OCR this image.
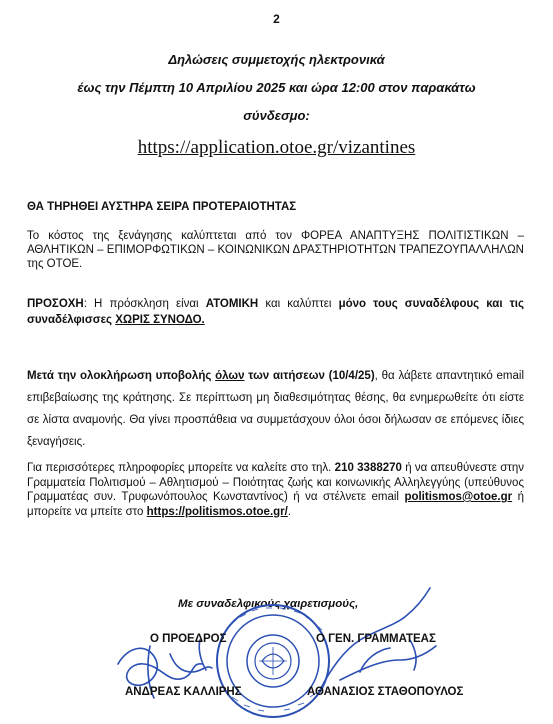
2
Δηλώσεις συμμετοχής ηλεκτρονικά
έως την Πέμπτη 10 Απριλίου 2025 και ώρα 12:00 στον παρακάτω
σύνδεσμο:
https://application.otoe.gr/vizantines
ΘΑ ΤΗΡΗΘΕΙ ΑΥΣΤΗΡΑ ΣΕΙΡΑ ΠΡΟΤΕΡΑΙΟΤΗΤΑΣ
Το κόστος της ξενάγησης καλύπτεται από τον ΦΟΡΕΑ ΑΝΑΠΤΥΞΗΣ ΠΟΛΙΤΙΣΤΙΚΩΝ – ΑΘΛΗΤΙΚΩΝ – ΕΠΙΜΟΡΦΩΤΙΚΩΝ – ΚΟΙΝΩΝΙΚΩΝ ΔΡΑΣΤΗΡΙΟΤΗΤΩΝ ΤΡΑΠΕΖΟΥΠΑΛΛΗΛΩΝ της ΟΤΟΕ.
ΠΡΟΣΟΧΗ: Η πρόσκληση είναι ΑΤΟΜΙΚΗ και καλύπτει μόνο τους συναδέλφους και τις συναδέλφισσες ΧΩΡΙΣ ΣΥΝΟΔΟ.
Μετά την ολοκλήρωση υποβολής όλων των αιτήσεων (10/4/25), θα λάβετε απαντητικό email επιβεβαίωσης της κράτησης. Σε περίπτωση μη διαθεσιμότητας θέσης, θα ενημερωθείτε ότι είστε σε λίστα αναμονής. Θα γίνει προσπάθεια να συμμετάσχουν όλοι όσοι δήλωσαν σε επόμενες ίδιες ξεναγήσεις.
Για περισσότερες πληροφορίες μπορείτε να καλείτε στο τηλ. 210 3388270 ή να απευθύνεστε στην Γραμματεία Πολιτισμού – Αθλητισμού – Ποιότητας ζωής και κοινωνικής Αλληλεγγύης (υπεύθυνος Γραμματέας συν. Τρυφωνόπουλος Κωνσταντίνος) ή να στέλνετε email politismos@otoe.gr ή μπορείτε να μπείτε στο https://politismos.otoe.gr/.
Με συναδελφικούς χαιρετισμούς,
Ο ΠΡΟΕΔΡΟΣ	Ο ΓΕΝ. ΓΡΑΜΜΑΤΕΑΣ
ΑΝΔΡΕΑΣ ΚΑΛΛΙΡΗΣ	ΑΘΑΝΑΣΙΟΣ ΣΤΑΘΟΠΟΥΛΟΣ
